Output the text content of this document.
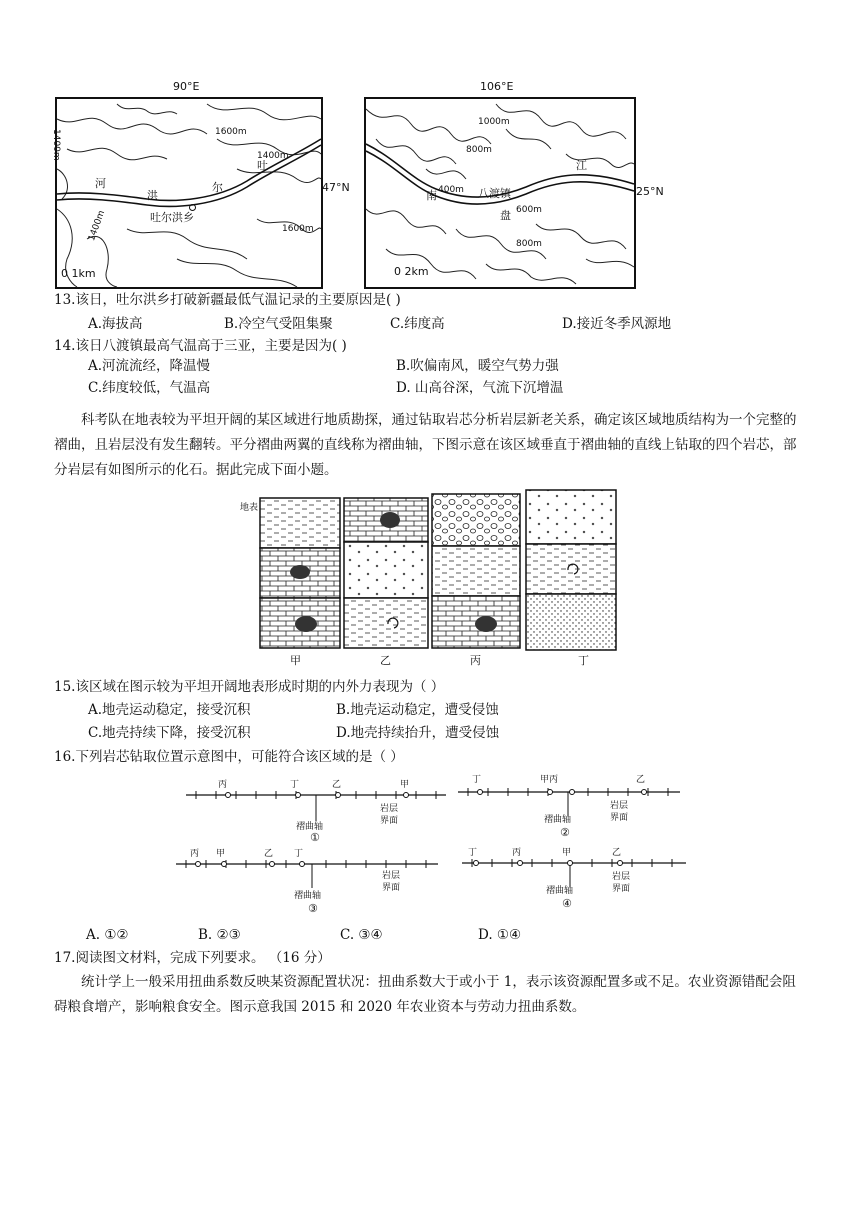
90°E
1600m
1400m	1400m
1600m
1400m
河
洪
尔
吐
吐尔洪乡
0 1km
47°N
106°E
1000m
800m
400m
600m
800m
江
南
盘
八渡镇
0 2km
25°N
13.该日，吐尔洪乡打破新疆最低气温记录的主要原因是( )
A.海拔高	B.冷空气受阻集聚	C.纬度高	D.接近冬季风源地
14.该日八渡镇最高气温高于三亚，主要是因为( )
A.河流流经，降温慢	B.吹偏南风，暖空气势力强
C.纬度较低，气温高	D. 山高谷深，气流下沉增温
科考队在地表较为平坦开阔的某区域进行地质勘探，通过钻取岩芯分析岩层新老关系，确定该区域地质结构为一个完整的褶曲，且岩层没有发生翻转。平分褶曲两翼的直线称为褶曲轴，下图示意在该区域垂直于褶曲轴的直线上钻取的四个岩芯，部分岩层有如图所示的化石。据此完成下面小题。
地表
甲	乙	丙	丁
15.该区域在图示较为平坦开阔地表形成时期的内外力表现为（ ）
A.地壳运动稳定，接受沉积	B.地壳运动稳定，遭受侵蚀
C.地壳持续下降，接受沉积	D.地壳持续抬升，遭受侵蚀
16.下列岩芯钻取位置示意图中，可能符合该区域的是（ ）
丙	丁	乙	甲
岩层
界面
褶曲轴
①
丁	甲丙	乙
岩层
界面
褶曲轴
②
丙 甲	乙 丁
岩层
界面
褶曲轴
③
丁	丙	甲	乙
岩层
界面
褶曲轴
④
A. ①②	B. ②③	C. ③④	D. ①④
17.阅读图文材料，完成下列要求。 （16 分）
统计学上一般采用扭曲系数反映某资源配置状况：扭曲系数大于或小于 1，表示该资源配置多或不足。农业资源错配会阻碍粮食增产，影响粮食安全。图示意我国 2015 和 2020 年农业资本与劳动力扭曲系数。
